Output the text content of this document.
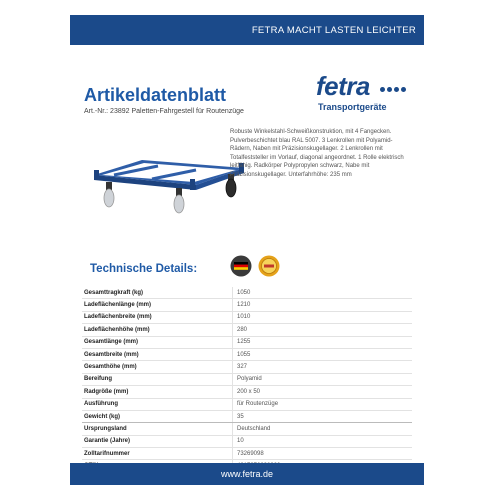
FETRA MACHT LASTEN LEICHTER
Artikeldatenblatt
Art.-Nr.: 23892 Paletten-Fahrgestell für Routenzüge
fetra
Transportgeräte
Robuste Winkelstahl-Schweißkonstruktion, mit 4 Fangecken. Pulverbeschichtet blau RAL 5007. 3 Lenkrollen mit Polyamid-Rädern, Naben mit Präzisionskugellager. 2 Lenkrollen mit Totalfeststeller im Vorlauf, diagonal angeordnet. 1 Rolle elektrisch leitfähig. Radkörper Polypropylen schwarz, Nabe mit Präzisionskugellager. Unterfahrhöhe: 235 mm
Technische Details:
Gesamttragkraft (kg)	1050
Ladeflächenlänge (mm)	1210
Ladeflächenbreite (mm)	1010
Ladeflächenhöhe (mm)	280
Gesamtlänge (mm)	1255
Gesamtbreite (mm)	1055
Gesamthöhe (mm)	327
Bereifung	Polyamid
Radgröße (mm)	200 x 50
Ausführung	für Routenzüge
Gewicht (kg)	35
Ursprungsland	Deutschland
Garantie (Jahre)	10
Zolltarifnummer	73269098
www.fetra.de
